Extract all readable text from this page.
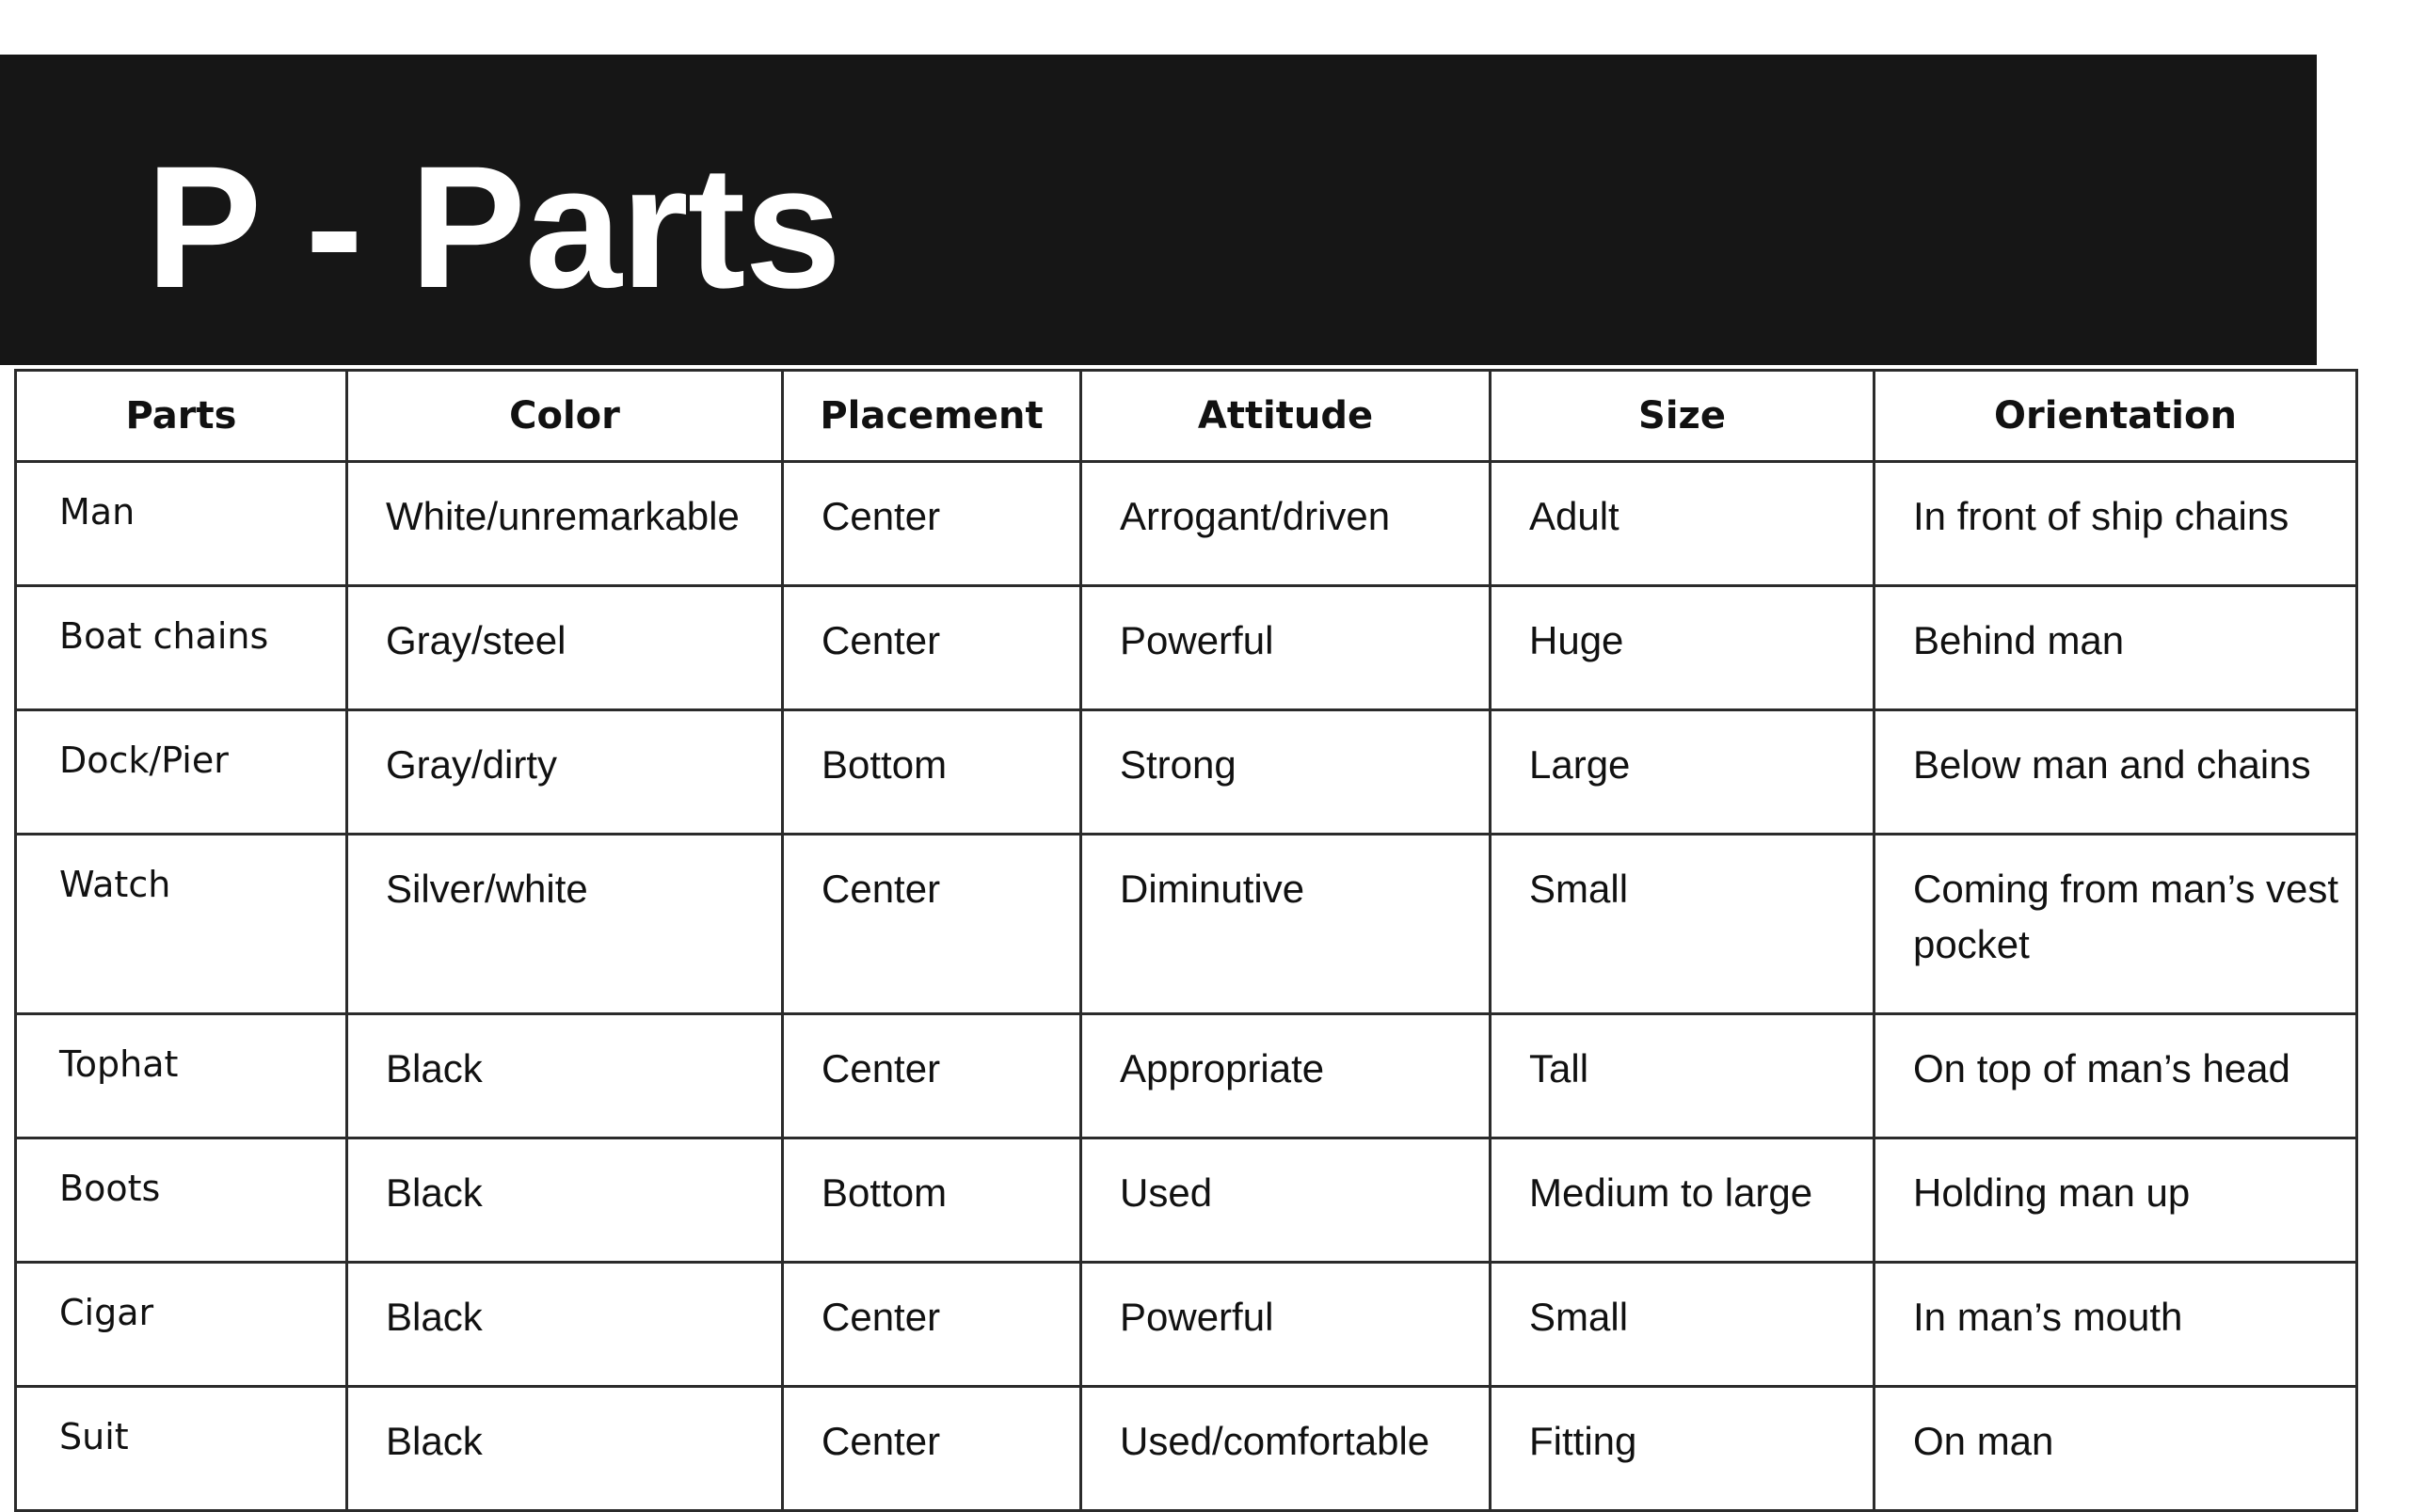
P - Parts
Parts	Color	Placement	Attitude	Size	Orientation
Man	White/unremarkable	Center	Arrogant/driven	Adult	In front of ship chains
Boat chains	Gray/steel	Center	Powerful	Huge	Behind man
Dock/Pier	Gray/dirty	Bottom	Strong	Large	Below man and chains
Watch	Silver/white	Center	Diminutive	Small	Coming from man’s vest pocket
Tophat	Black	Center	Appropriate	Tall	On top of man’s head
Boots	Black	Bottom	Used	Medium to large	Holding man up
Cigar	Black	Center	Powerful	Small	In man’s mouth
Suit	Black	Center	Used/comfortable	Fitting	On man
